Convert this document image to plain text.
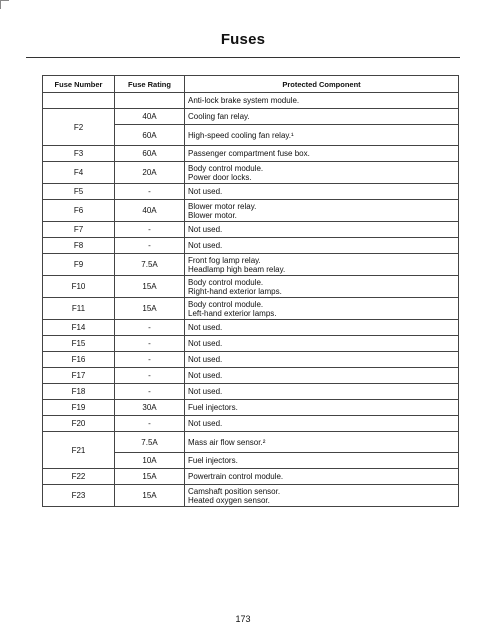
Fuses
Fuse Number	Fuse Rating	Protected Component

		Anti-lock brake system module.

F2	40A	Cooling fan relay.

	60A	High-speed cooling fan relay.¹

F3	60A	Passenger compartment fuse box.

F4	20A	Body control module.
Power door locks.

F5	-	Not used.

F6	40A	Blower motor relay.
Blower motor.

F7	-	Not used.

F8	-	Not used.

F9	7.5A	Front fog lamp relay.
Headlamp high beam relay.

F10	15A	Body control module.
Right-hand exterior lamps.

F11	15A	Body control module.
Left-hand exterior lamps.

F14	-	Not used.

F15	-	Not used.

F16	-	Not used.

F17	-	Not used.

F18	-	Not used.

F19	30A	Fuel injectors.

F20	-	Not used.

F21	7.5A	Mass air flow sensor.²

	10A	Fuel injectors.

F22	15A	Powertrain control module.

F23	15A	Camshaft position sensor.
Heated oxygen sensor.
173
